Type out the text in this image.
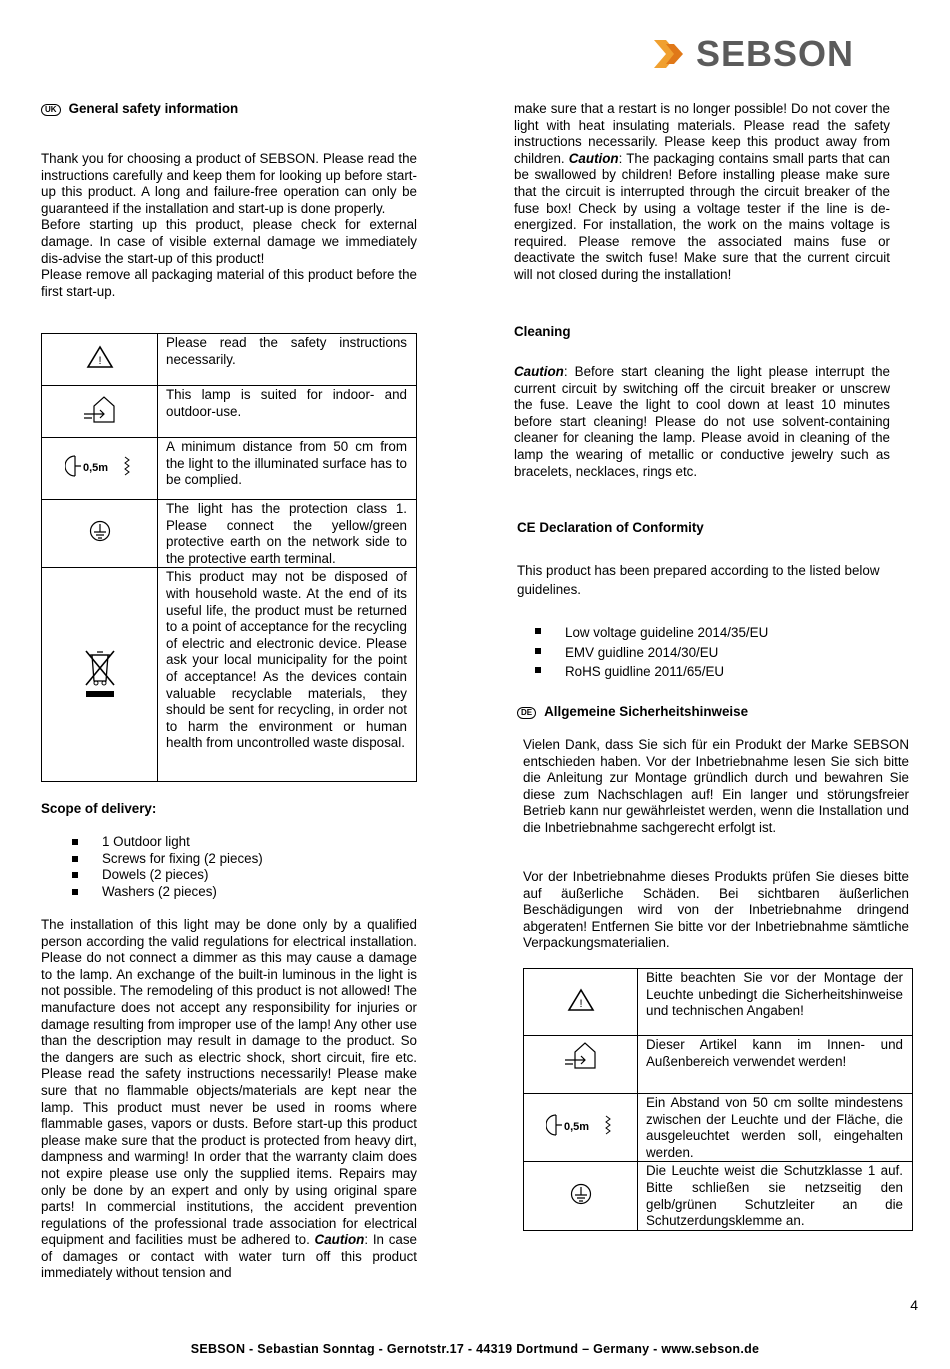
SEBSON
UK General safety information

Thank you for choosing a product of SEBSON. Please read the instructions carefully and keep them for looking up before start-up this product. A long and failure-free operation can only be guaranteed if the installation and start-up is done properly.

Before starting up this product, please check for external damage. In case of visible external damage we immediately dis-advise the start-up of this product!

Please remove all packaging material of this product before the first start-up.

!	Please read the safety instructions necessarily.
	This lamp is suited for indoor- and outdoor-use.

0,5m	A minimum distance from 50 cm from the light to the illuminated surface has to be complied.
	The light has the protection class 1. Please connect the yellow/green protective earth on the network side to the protective earth terminal.
	This product may not be disposed of with household waste. At the end of its useful life, the product must be returned to a point of acceptance for the recycling of electric and electronic device. Please ask your local municipality for the point of acceptance! As the devices contain valuable recyclable materials, they should be sent for recycling, in order not to harm the environment or human health from uncontrolled waste disposal.
Scope of delivery:
1 Outdoor light
Screws for fixing (2 pieces)
Dowels (2 pieces)
Washers (2 pieces)

The installation of this light may be done only by a qualified person according the valid regulations for electrical installation. Please do not connect a dimmer as this may cause a damage to the lamp. An exchange of the built-in luminous in the light is not possible. The remodeling of this product is not allowed! The manufacture does not accept any responsibility for injuries or damage resulting from improper use of the lamp! Any other use than the description may result in damage to the product. So the dangers are such as electric shock, short circuit, fire etc. Please read the safety instructions necessarily! Please make sure that no flammable objects/materials are kept near the lamp. This product must never be used in rooms where flammable gases, vapors or dusts. Before start-up this product please make sure that the product is protected from heavy dirt, dampness and warming! In order that the warranty claim does not expire please use only the supplied items. Repairs may only be done by an expert and only by using original spare parts! In commercial institutions, the accident prevention regulations of the professional trade association for electrical equipment and facilities must be adhered to. Caution: In case of damages or contact with water turn off this product immediately without tension and

make sure that a restart is no longer possible! Do not cover the light with heat insulating materials. Please read the safety instructions necessarily. Please keep this product away from children. Caution: The packaging contains small parts that can be swallowed by children! Before installing please make sure that the circuit is interrupted through the circuit breaker of the fuse box! Check by using a voltage tester if the line is de-energized. For installation, the work on the mains voltage is required. Please remove the associated mains fuse or deactivate the switch fuse! Make sure that the current circuit will not closed during the installation!

Cleaning

Caution: Before start cleaning the light please interrupt the current circuit by switching off the circuit breaker or unscrew the fuse. Leave the light to cool down at least 10 minutes before start cleaning! Please do not use solvent-containing cleaner for cleaning the lamp. Please avoid in cleaning of the lamp the wearing of metallic or conductive jewelry such as bracelets, necklaces, rings etc.

CE Declaration of Conformity
This product has been prepared according to the listed below guidelines.
Low voltage guideline 2014/35/EU
EMV guidline 2014/30/EU
RoHS guidline 2011/65/EU
DE Allgemeine Sicherheitshinweise

Vielen Dank, dass Sie sich für ein Produkt der Marke SEBSON entschieden haben. Vor der Inbetriebnahme lesen Sie sich bitte die Anleitung zur Montage gründlich durch und bewahren Sie diese zum Nachschlagen auf! Ein langer und störungsfreier Betrieb kann nur gewährleistet werden, wenn die Installation und die Inbetriebnahme sachgerecht erfolgt ist.

Vor der Inbetriebnahme dieses Produkts prüfen Sie dieses bitte auf äußerliche Schäden. Bei sichtbaren äußerlichen Beschädigungen wird von der Inbetriebnahme dringend abgeraten! Entfernen Sie bitte vor der Inbetriebnahme sämtliche Verpackungsmaterialien.

!	Bitte beachten Sie vor der Montage der Leuchte unbedingt die Sicherheitshinweise und technischen Angaben!
	Dieser Artikel kann im Innen- und Außenbereich verwendet werden!

0,5m	Ein Abstand von 50 cm sollte mindestens zwischen der Leuchte und der Fläche, die ausgeleuchtet werden soll, eingehalten werden.
	Die Leuchte weist die Schutzklasse 1 auf. Bitte schließen sie netzseitig den gelb/grünen Schutzleiter an die Schutzerdungsklemme an.
4
SEBSON - Sebastian Sonntag - Gernotstr.17 - 44319 Dortmund – Germany - www.sebson.de
